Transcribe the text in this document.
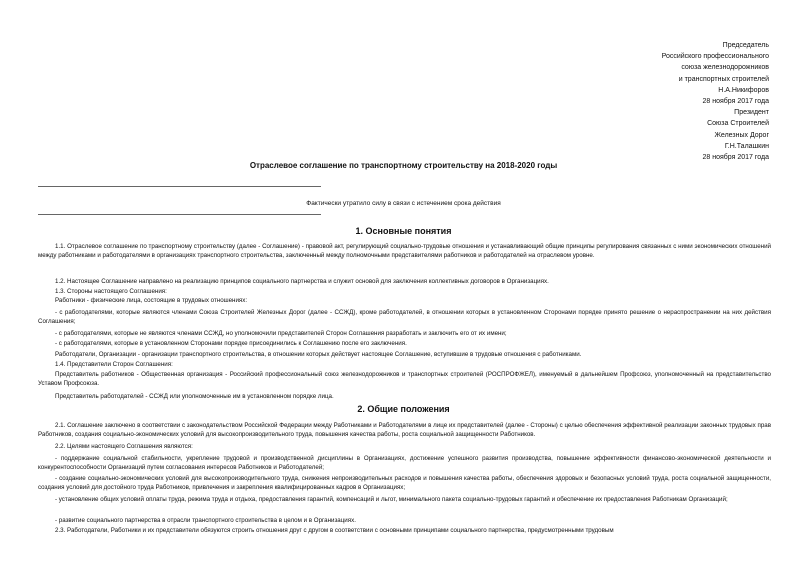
Председатель
Российского профессионального
союза железнодорожников
и транспортных строителей
Н.А.Никифоров
28 ноября 2017 года
Президент
Союза Строителей
Железных Дорог
Г.Н.Талашкин
28 ноября 2017 года
Отраслевое соглашение по транспортному строительству на 2018-2020 годы
Фактически утратило силу в связи с истечением срока действия
1. Основные понятия

1.1. Отраслевое соглашение по транспортному строительству (далее - Соглашение) - правовой акт, регулирующий социально-трудовые отношения и устанавливающий общие принципы регулирования связанных с ними экономических отношений между работниками и работодателями в организациях транспортного строительства, заключенный между полномочными представителями работников и работодателей на отраслевом уровне.

1.2. Настоящее Соглашение направлено на реализацию принципов социального партнерства и служит основой для заключения коллективных договоров в Организациях.

1.3. Стороны настоящего Соглашения:

Работники - физические лица, состоящие в трудовых отношениях:

- с работодателями, которые являются членами Союза Строителей Железных Дорог (далее - ССЖД), кроме работодателей, в отношении которых в установленном Сторонами порядке принято решение о нераспространении на них действия Соглашения;

- с работодателями, которые не являются членами ССЖД, но уполномочили представителей Сторон Соглашения разработать и заключить его от их имени;

- с работодателями, которые в установленном Сторонами порядке присоединились к Соглашению после его заключения.

Работодатели, Организации - организации транспортного строительства, в отношении которых действует настоящее Соглашение, вступившие в трудовые отношения с работниками.

1.4. Представители Сторон Соглашения:

Представитель работников - Общественная организация - Российский профессиональный союз железнодорожников и транспортных строителей (РОСПРОФЖЕЛ), именуемый в дальнейшем Профсоюз, уполномоченный на представительство Уставом Профсоюза.

Представитель работодателей - ССЖД или уполномоченные им в установленном порядке лица.

2. Общие положения

2.1. Соглашение заключено в соответствии с законодательством Российской Федерации между Работниками и Работодателями в лице их представителей (далее - Стороны) с целью обеспечения эффективной реализации законных трудовых прав Работников, создания социально-экономических условий для высокопроизводительного труда, повышения качества работы, роста социальной защищенности Работников.

2.2. Целями настоящего Соглашения являются:

- поддержание социальной стабильности, укрепление трудовой и производственной дисциплины в Организациях, достижение успешного развития производства, повышение эффективности финансово-экономической деятельности и конкурентоспособности Организаций путем согласования интересов Работников и Работодателей;

- создание социально-экономических условий для высокопроизводительного труда, снижения непроизводительных расходов и повышения качества работы, обеспечения здоровых и безопасных условий труда, роста социальной защищенности, создания условий для достойного труда Работников, привлечения и закрепления квалифицированных кадров в Организациях;

- установление общих условий оплаты труда, режима труда и отдыха, предоставления гарантий, компенсаций и льгот, минимального пакета социально-трудовых гарантий и обеспечение их предоставления Работникам Организаций;

- развитие социального партнерства в отрасли транспортного строительства в целом и в Организациях.

2.3. Работодатели, Работники и их представители обязуются строить отношения друг с другом в соответствии с основными принципами социального партнерства, предусмотренными трудовым
